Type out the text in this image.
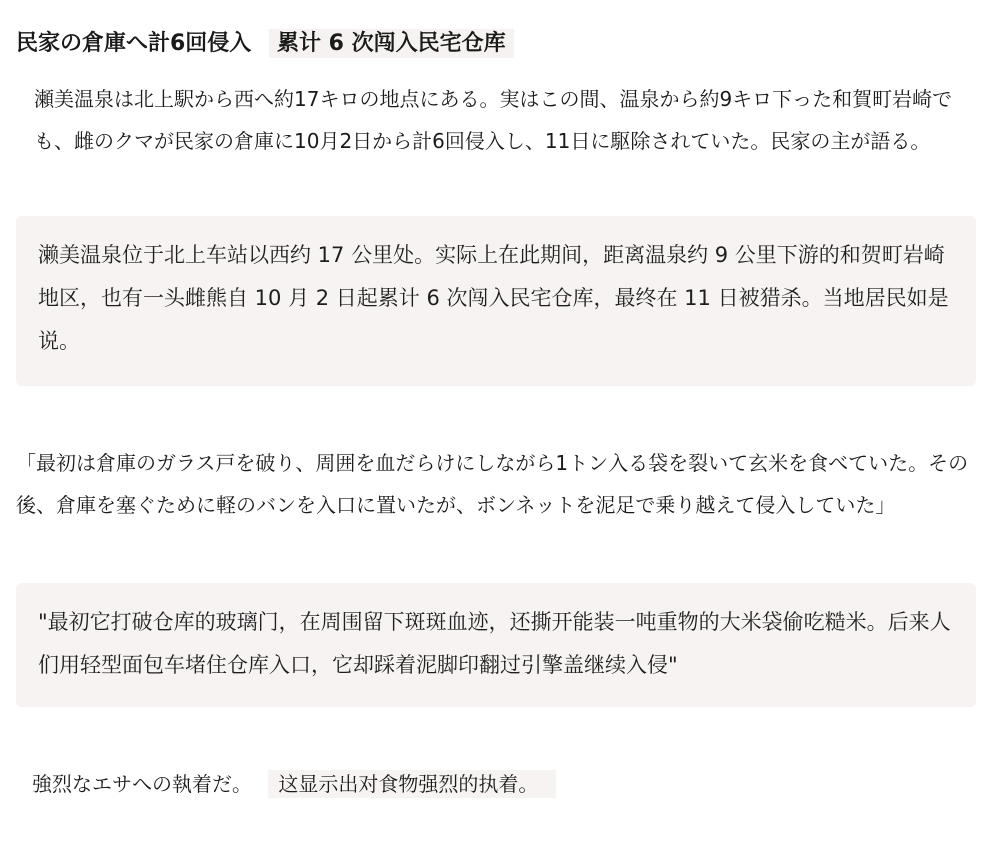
民家の倉庫へ計6回侵入 累计 6 次闯入民宅仓库

瀬美温泉は北上駅から西へ約17キロの地点にある。実はこの間、温泉から約9キロ下った和賀町岩崎でも、雌のクマが民家の倉庫に10月2日から計6回侵入し、11日に駆除されていた。民家の主が語る。

濑美温泉位于北上车站以西约 17 公里处。实际上在此期间，距离温泉约 9 公里下游的和贺町岩崎地区，也有一头雌熊自 10 月 2 日起累计 6 次闯入民宅仓库，最终在 11 日被猎杀。当地居民如是说。

「最初は倉庫のガラス戸を破り、周囲を血だらけにしながら1トン入る袋を裂いて玄米を食べていた。その後、倉庫を塞ぐために軽のバンを入口に置いたが、ボンネットを泥足で乗り越えて侵入していた」

"最初它打破仓库的玻璃门，在周围留下斑斑血迹，还撕开能装一吨重物的大米袋偷吃糙米。后来人们用轻型面包车堵住仓库入口，它却踩着泥脚印翻过引擎盖继续入侵"

強烈なエサへの執着だ。 这显示出对食物强烈的执着。
